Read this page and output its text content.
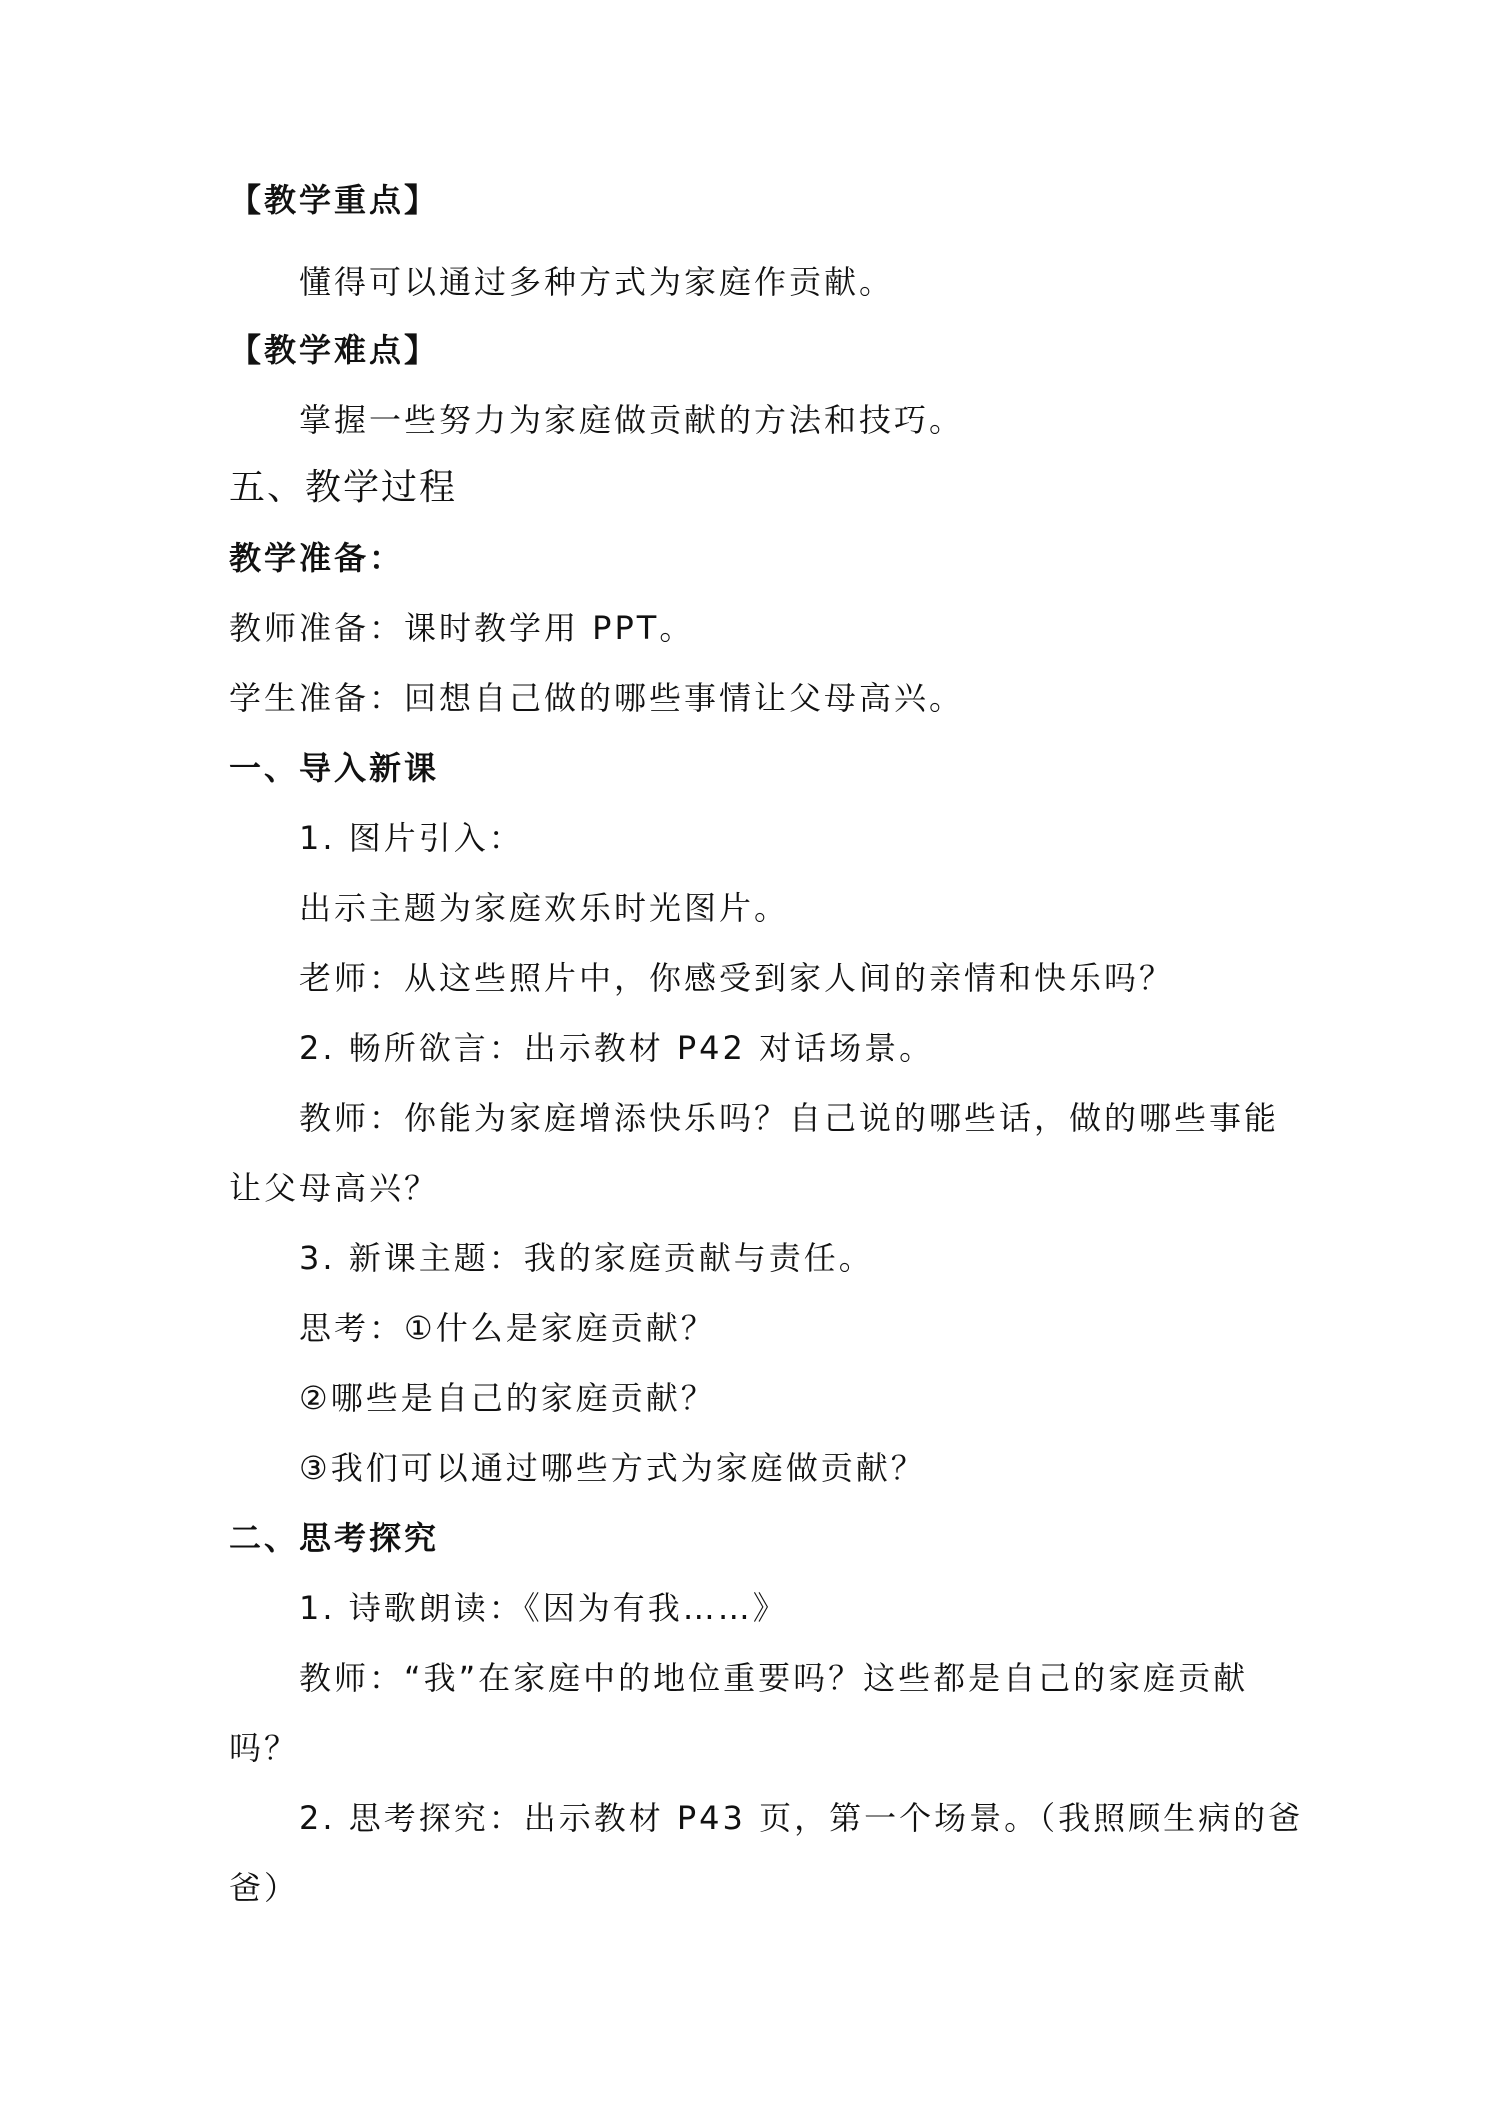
【教学重点】
懂得可以通过多种方式为家庭作贡献。
【教学难点】
掌握一些努力为家庭做贡献的方法和技巧。
五、教学过程
教学准备：
教师准备：课时教学用 PPT。
学生准备：回想自己做的哪些事情让父母高兴。
一、导入新课
1. 图片引入：
出示主题为家庭欢乐时光图片。
老师：从这些照片中，你感受到家人间的亲情和快乐吗？
2. 畅所欲言：出示教材 P42 对话场景。
教师：你能为家庭增添快乐吗？自己说的哪些话，做的哪些事能
让父母高兴？
3. 新课主题：我的家庭贡献与责任。
思考：①什么是家庭贡献？
②哪些是自己的家庭贡献？
③我们可以通过哪些方式为家庭做贡献？
二、思考探究
1. 诗歌朗读：《因为有我……》
教师：“我”在家庭中的地位重要吗？这些都是自己的家庭贡献
吗？
2. 思考探究：出示教材 P43 页，第一个场景。（我照顾生病的爸
爸）
